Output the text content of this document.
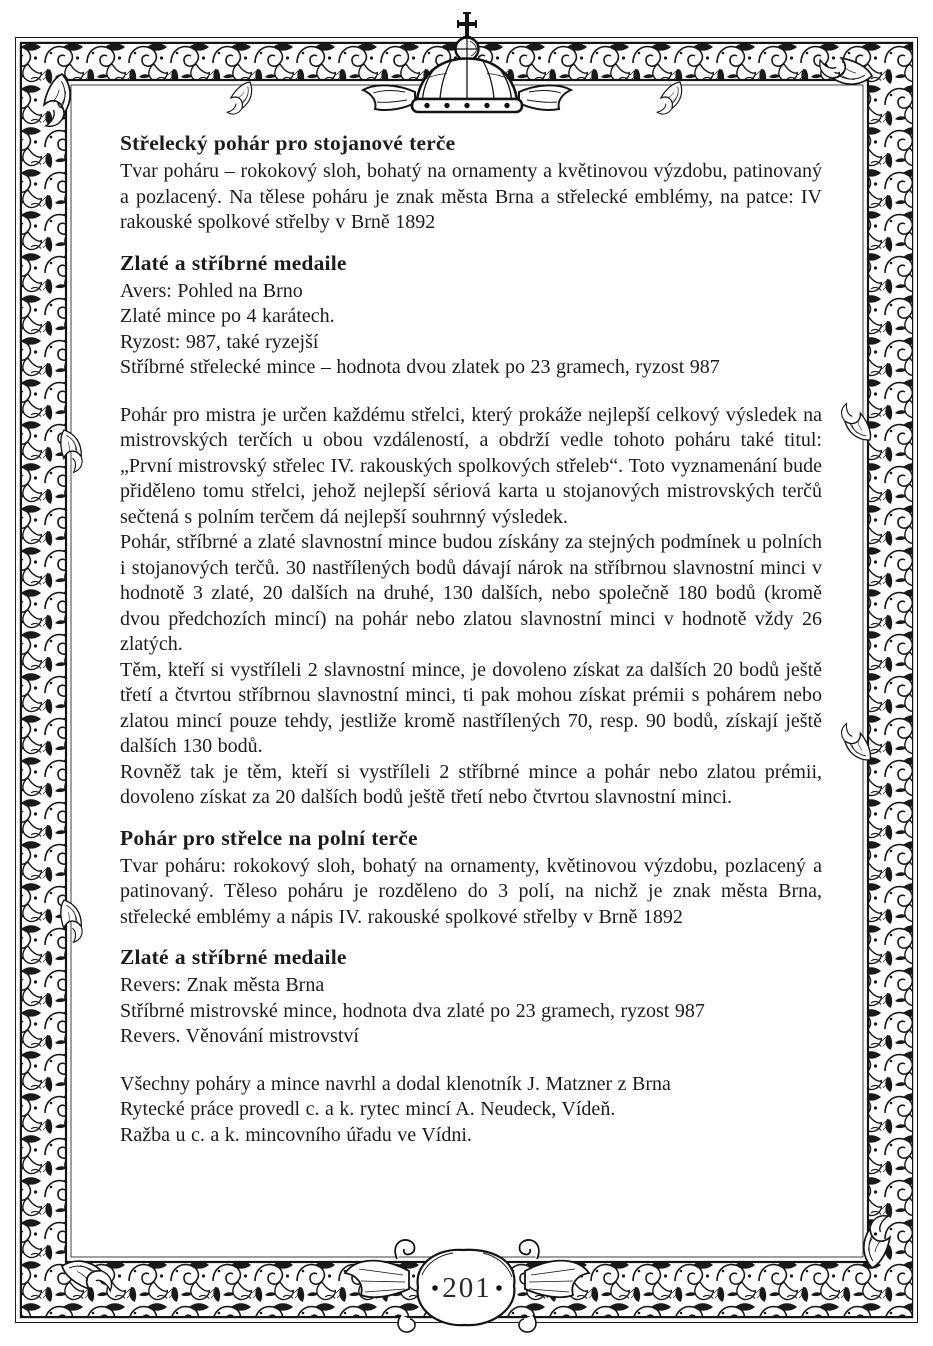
Střelecký pohár pro stojanové terče

Tvar poháru – rokokový sloh, bohatý na ornamenty a květinovou výzdobu, patinovaný a pozlacený. Na tělese poháru je znak města Brna a střelecké emblémy, na patce: IV rakouské spolkové střelby v Brně 1892

Zlaté a stříbrné medaile

Avers: Pohled na Brno

Zlaté mince po 4 karátech.

Ryzost: 987, také ryzejší

Stříbrné střelecké mince – hodnota dvou zlatek po 23 gramech, ryzost 987

Pohár pro mistra je určen každému střelci, který prokáže nejlepší celkový výsledek na mistrovských terčích u obou vzdáleností, a obdrží vedle tohoto poháru také titul: „První mistrovský střelec IV. rakouských spolkových střeleb“. Toto vyznamenání bude přiděleno tomu střelci, jehož nejlepší sériová karta u stojanových mistrovských terčů sečtená s polním terčem dá nejlepší souhrnný výsledek.

Pohár, stříbrné a zlaté slavnostní mince budou získány za stejných podmínek u polních i stojanových terčů. 30 nastřílených bodů dávají nárok na stříbrnou slavnostní minci v hodnotě 3 zlaté, 20 dalších na druhé, 130 dalších, nebo společně 180 bodů (kromě dvou předchozích mincí) na pohár nebo zlatou slavnostní minci v hodnotě vždy 26 zlatých.

Těm, kteří si vystříleli 2 slavnostní mince, je dovoleno získat za dalších 20 bodů ještě třetí a čtvrtou stříbrnou slavnostní minci, ti pak mohou získat prémii s pohárem nebo zlatou mincí pouze tehdy, jestliže kromě nastřílených 70, resp. 90 bodů, získají ještě dalších 130 bodů.

Rovněž tak je těm, kteří si vystříleli 2 stříbrné mince a pohár nebo zlatou prémii, dovoleno získat za 20 dalších bodů ještě třetí nebo čtvrtou slavnostní minci.

Pohár pro střelce na polní terče

Tvar poháru: rokokový sloh, bohatý na ornamenty, květinovou výzdobu, pozlacený a patinovaný. Těleso poháru je rozděleno do 3 polí, na nichž je znak města Brna, střelecké emblémy a nápis IV. rakouské spolkové střelby v Brně 1892

Zlaté a stříbrné medaile

Revers: Znak města Brna

Stříbrné mistrovské mince, hodnota dva zlaté po 23 gramech, ryzost 987

Revers. Věnování mistrovství

Všechny poháry a mince navrhl a dodal klenotník J. Matzner z Brna

Rytecké práce provedl c. a k. rytec mincí A. Neudeck, Vídeň.

Ražba u c. a k. mincovního úřadu ve Vídni.

201
